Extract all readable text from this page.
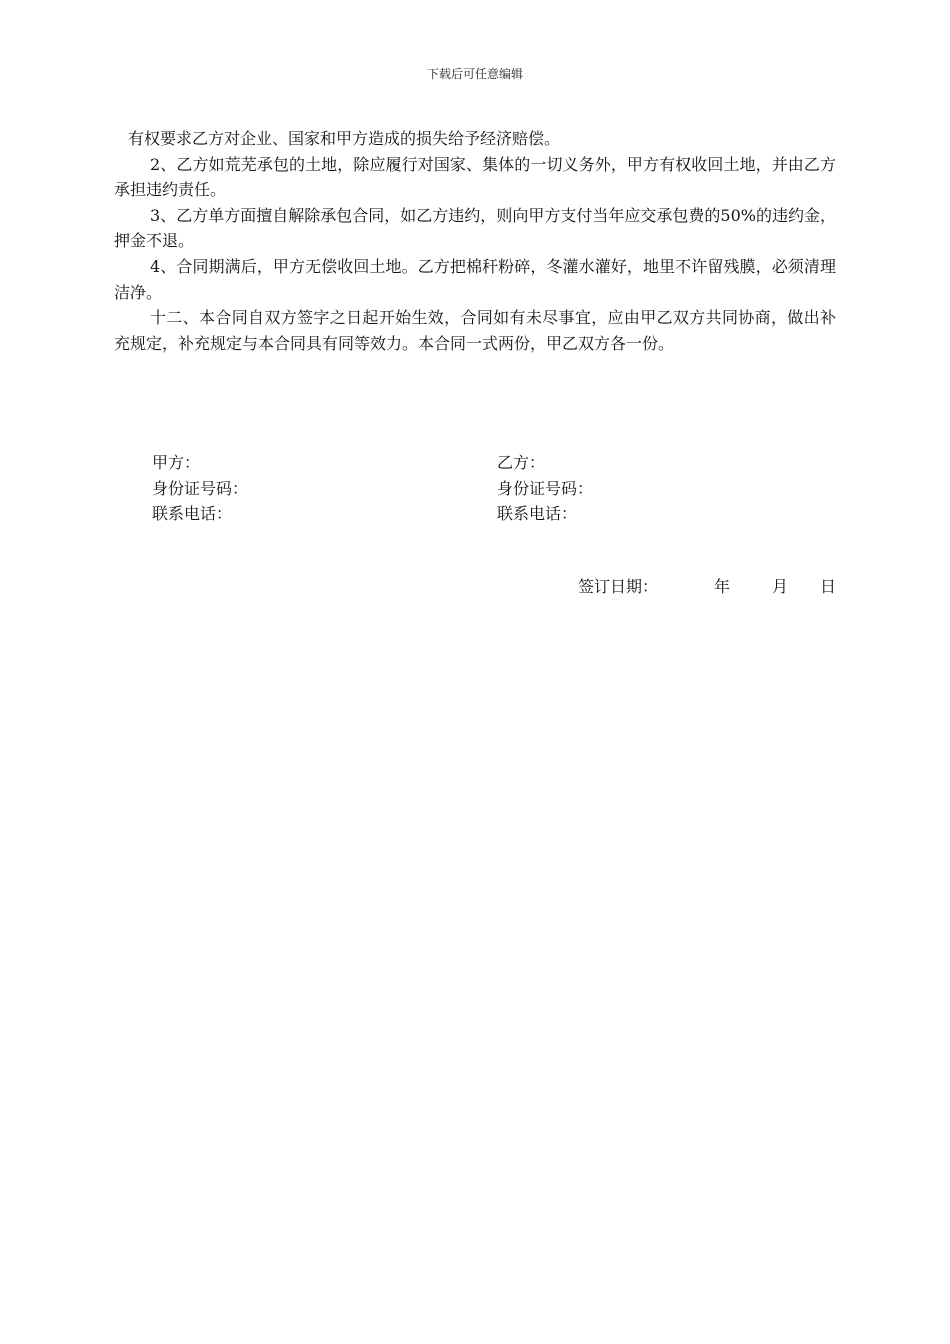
下载后可任意编辑

有权要求乙方对企业、国家和甲方造成的损失给予经济赔偿。

2、乙方如荒芜承包的土地，除应履行对国家、集体的一切义务外，甲方有权收回土地，并由乙方承担违约责任。

3、乙方单方面擅自解除承包合同，如乙方违约，则向甲方支付当年应交承包费的50%的违约金，押金不退。

4、合同期满后，甲方无偿收回土地。乙方把棉秆粉碎，冬灌水灌好，地里不许留残膜，必须清理洁净。

十二、本合同自双方签字之日起开始生效，合同如有未尽事宜，应由甲乙双方共同协商，做出补充规定，补充规定与本合同具有同等效力。本合同一式两份，甲乙双方各一份。

甲方：

身份证号码：

联系电话：

乙方：

身份证号码：

联系电话：

签订日期：	年	月 日
